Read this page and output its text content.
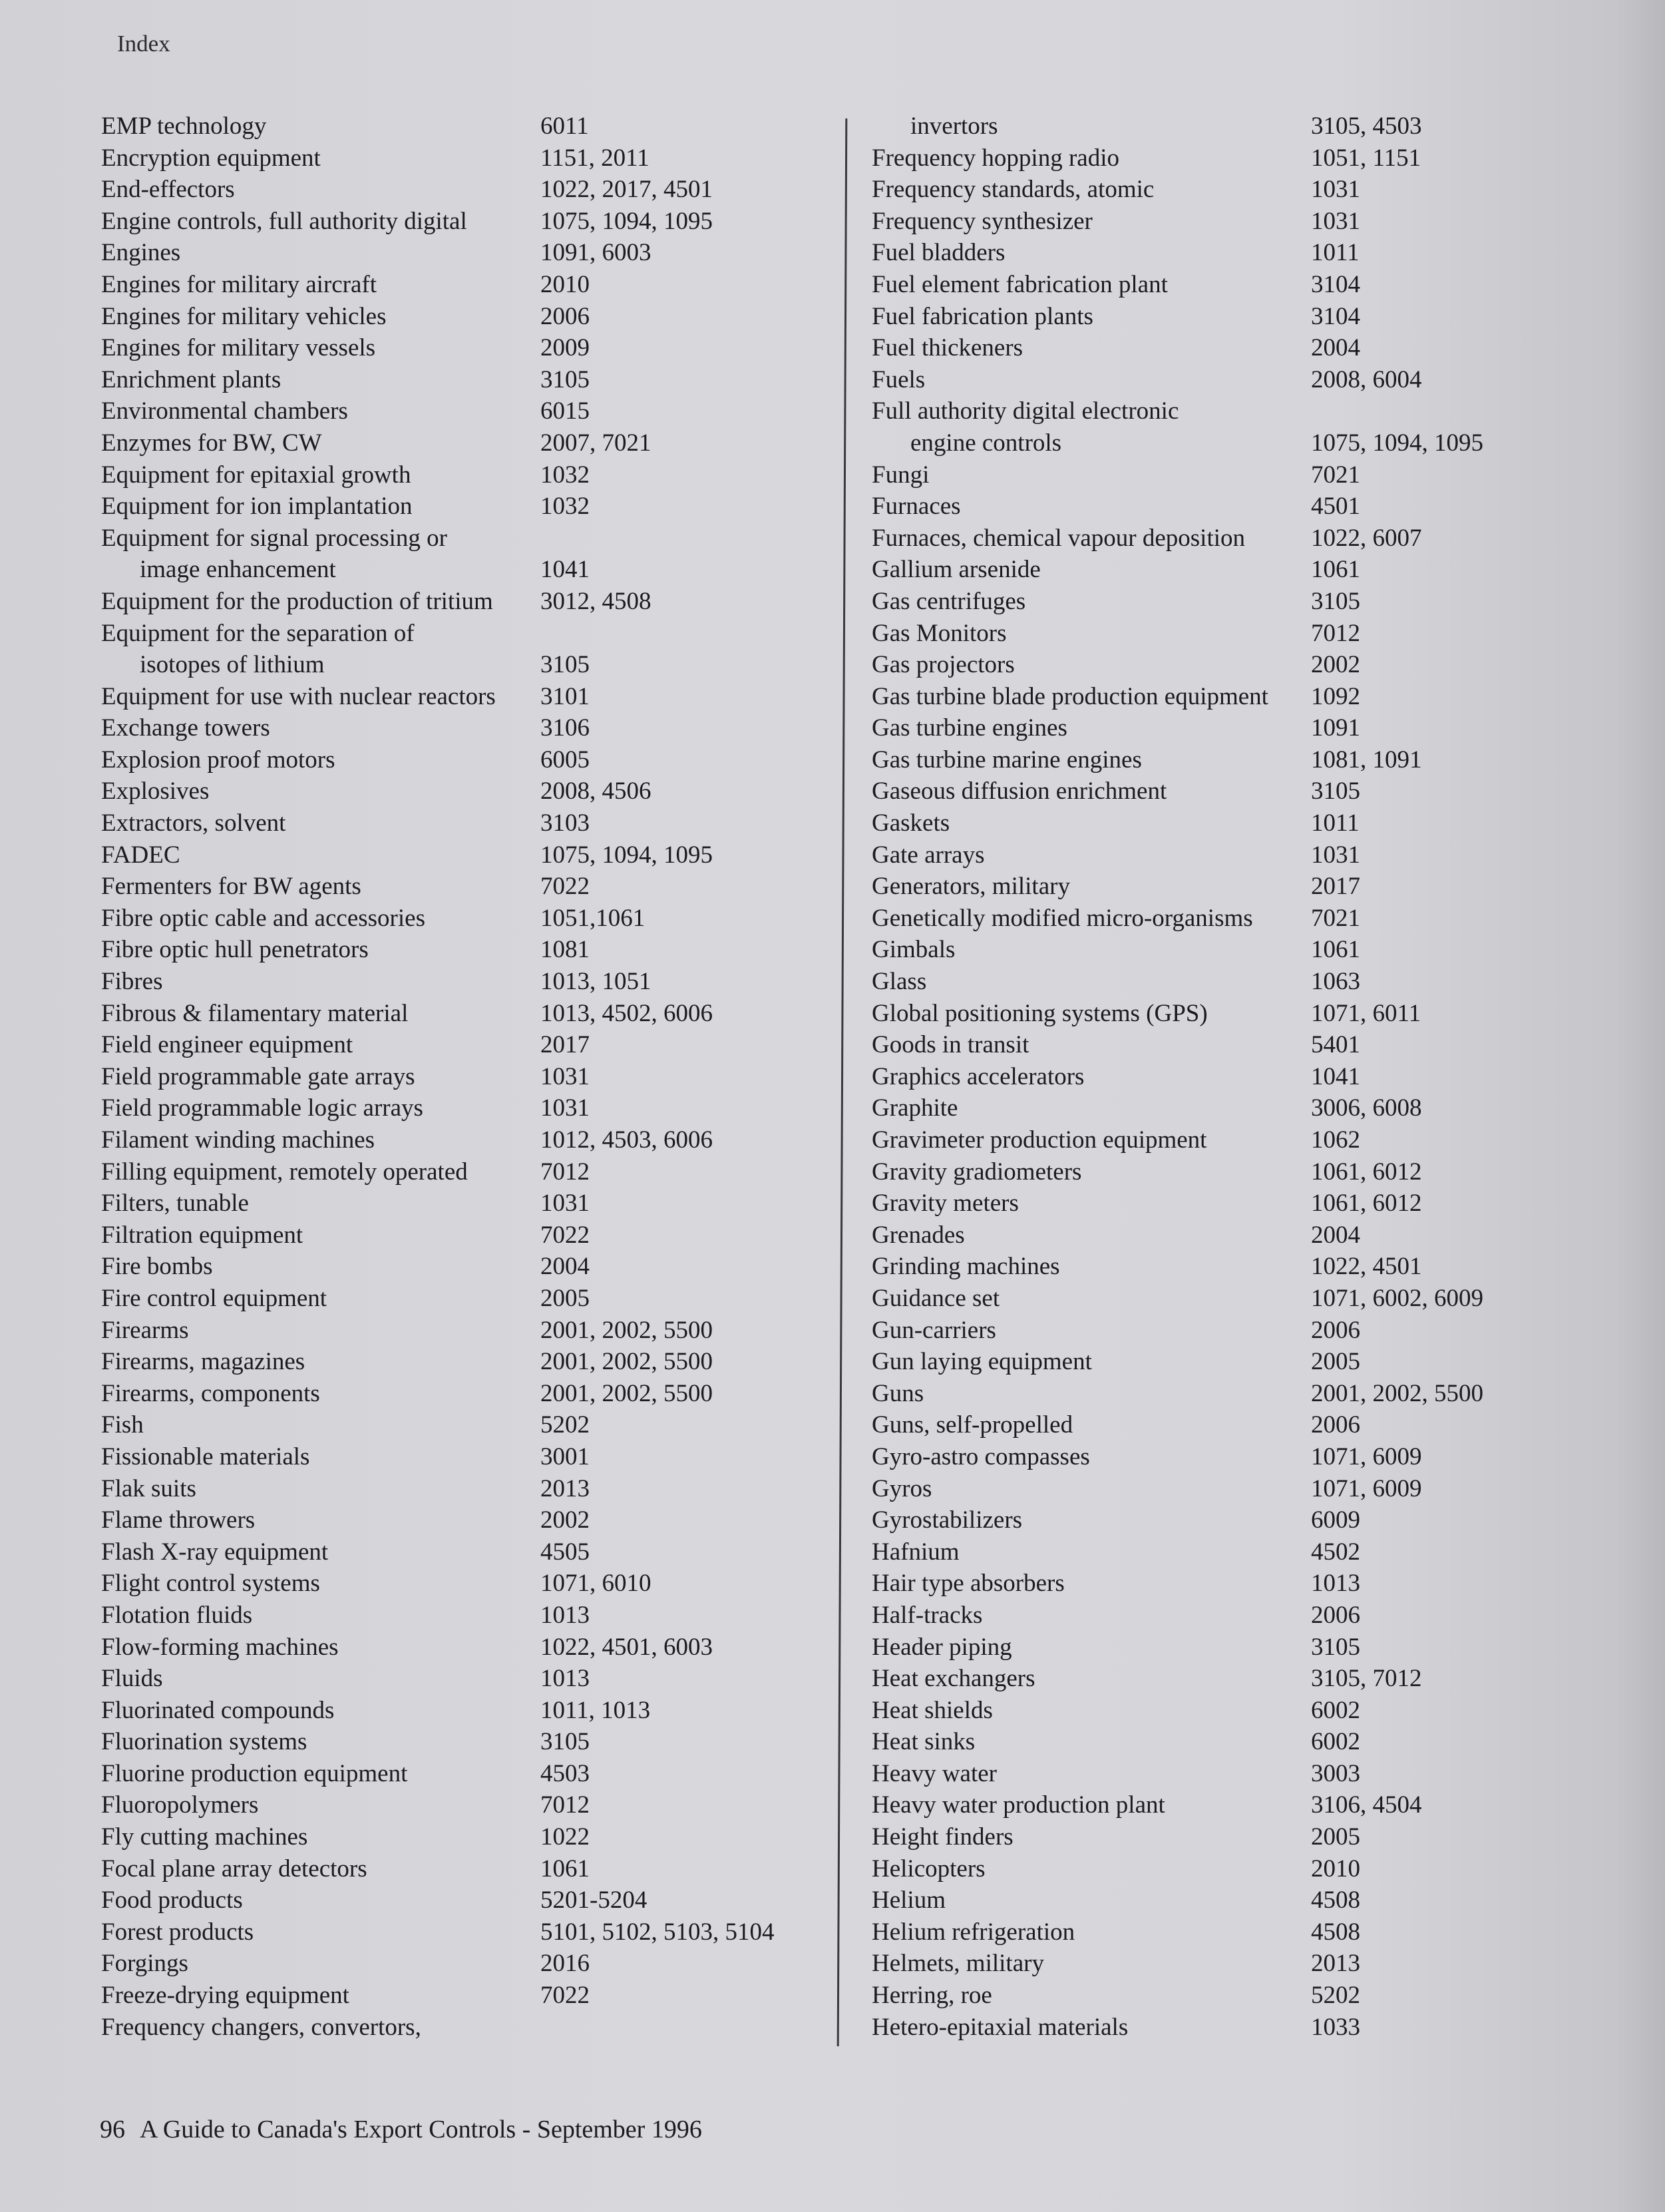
Index
EMP technology	6011
Encryption equipment	1151, 2011
End-effectors	1022, 2017, 4501
Engine controls, full authority digital	1075, 1094, 1095
Engines	1091, 6003
Engines for military aircraft	2010
Engines for military vehicles	2006
Engines for military vessels	2009
Enrichment plants	3105
Environmental chambers	6015
Enzymes for BW, CW	2007, 7021
Equipment for epitaxial growth	1032
Equipment for ion implantation	1032
Equipment for signal processing or
image enhancement	1041
Equipment for the production of tritium 3012, 4508
Equipment for the separation of
isotopes of lithium	3105
Equipment for use with nuclear reactors 3101
Exchange towers	3106
Explosion proof motors	6005
Explosives	2008, 4506
Extractors, solvent	3103
FADEC	1075, 1094, 1095
Fermenters for BW agents	7022
Fibre optic cable and accessories	1051,1061
Fibre optic hull penetrators	1081
Fibres	1013, 1051
Fibrous & filamentary material	1013, 4502, 6006
Field engineer equipment	2017
Field programmable gate arrays	1031
Field programmable logic arrays	1031
Filament winding machines	1012, 4503, 6006
Filling equipment, remotely operated	7012
Filters, tunable	1031
Filtration equipment	7022
Fire bombs	2004
Fire control equipment	2005
Firearms	2001, 2002, 5500
Firearms, magazines	2001, 2002, 5500
Firearms, components	2001, 2002, 5500
Fish	5202
Fissionable materials	3001
Flak suits	2013
Flame throwers	2002
Flash X-ray equipment	4505
Flight control systems	1071, 6010
Flotation fluids	1013
Flow-forming machines	1022, 4501, 6003
Fluids	1013
Fluorinated compounds	1011, 1013
Fluorination systems	3105
Fluorine production equipment	4503
Fluoropolymers	7012
Fly cutting machines	1022
Focal plane array detectors	1061
Food products	5201-5204
Forest products	5101, 5102, 5103, 5104
Forgings	2016
Freeze-drying equipment	7022
Frequency changers, convertors,
invertors	3105, 4503
Frequency hopping radio	1051, 1151
Frequency standards, atomic	1031
Frequency synthesizer	1031
Fuel bladders	1011
Fuel element fabrication plant	3104
Fuel fabrication plants	3104
Fuel thickeners	2004
Fuels	2008, 6004
Full authority digital electronic
engine controls	1075, 1094, 1095
Fungi	7021
Furnaces	4501
Furnaces, chemical vapour deposition	1022, 6007
Gallium arsenide	1061
Gas centrifuges	3105
Gas Monitors	7012
Gas projectors	2002
Gas turbine blade production equipment 1092
Gas turbine engines	1091
Gas turbine marine engines	1081, 1091
Gaseous diffusion enrichment	3105
Gaskets	1011
Gate arrays	1031
Generators, military	2017
Genetically modified micro-organisms 7021
Gimbals	1061
Glass	1063
Global positioning systems (GPS)	1071, 6011
Goods in transit	5401
Graphics accelerators	1041
Graphite	3006, 6008
Gravimeter production equipment	1062
Gravity gradiometers	1061, 6012
Gravity meters	1061, 6012
Grenades	2004
Grinding machines	1022, 4501
Guidance set	1071, 6002, 6009
Gun-carriers	2006
Gun laying equipment	2005
Guns	2001, 2002, 5500
Guns, self-propelled	2006
Gyro-astro compasses	1071, 6009
Gyros	1071, 6009
Gyrostabilizers	6009
Hafnium	4502
Hair type absorbers	1013
Half-tracks	2006
Header piping	3105
Heat exchangers	3105, 7012
Heat shields	6002
Heat sinks	6002
Heavy water	3003
Heavy water production plant	3106, 4504
Height finders	2005
Helicopters	2010
Helium	4508
Helium refrigeration	4508
Helmets, military	2013
Herring, roe	5202
Hetero-epitaxial materials	1033
96 A Guide to Canada's Export Controls - September 1996
